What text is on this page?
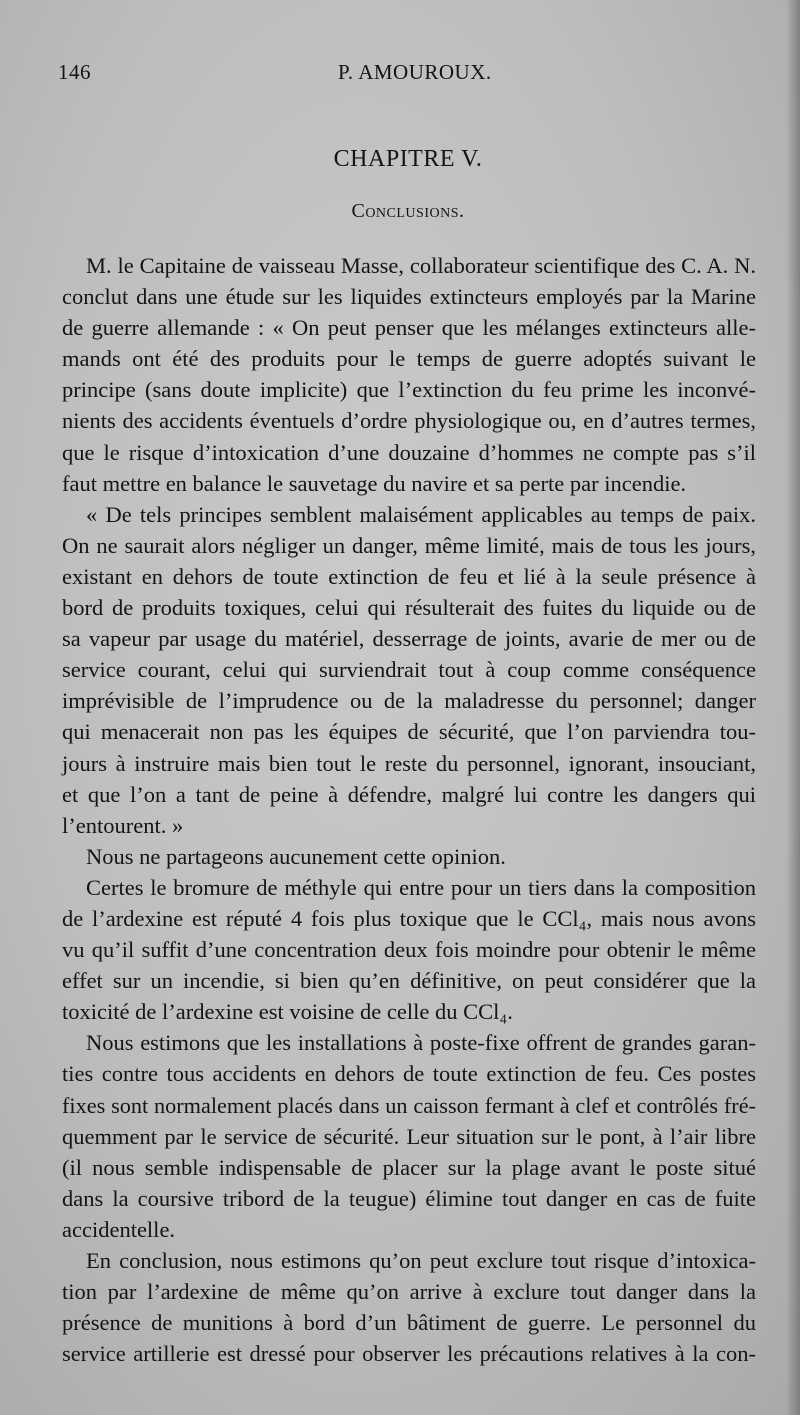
146	P. AMOUROUX.
CHAPITRE V.
Conclusions.
M. le Capitaine de vaisseau Masse, collaborateur scientifique des C. A. N.
conclut dans une étude sur les liquides extincteurs employés par la Marine
de guerre allemande : « On peut penser que les mélanges extincteurs alle-
mands ont été des produits pour le temps de guerre adoptés suivant le
principe (sans doute implicite) que l’extinction du feu prime les inconvé-
nients des accidents éventuels d’ordre physiologique ou, en d’autres termes,
que le risque d’intoxication d’une douzaine d’hommes ne compte pas s’il
faut mettre en balance le sauvetage du navire et sa perte par incendie.
« De tels principes semblent malaisément applicables au temps de paix.
On ne saurait alors négliger un danger, même limité, mais de tous les jours,
existant en dehors de toute extinction de feu et lié à la seule présence à
bord de produits toxiques, celui qui résulterait des fuites du liquide ou de
sa vapeur par usage du matériel, desserrage de joints, avarie de mer ou de
service courant, celui qui surviendrait tout à coup comme conséquence
imprévisible de l’imprudence ou de la maladresse du personnel; danger
qui menacerait non pas les équipes de sécurité, que l’on parviendra tou-
jours à instruire mais bien tout le reste du personnel, ignorant, insouciant,
et que l’on a tant de peine à défendre, malgré lui contre les dangers qui
l’entourent. »
Nous ne partageons aucunement cette opinion.
Certes le bromure de méthyle qui entre pour un tiers dans la composition
de l’ardexine est réputé 4 fois plus toxique que le CCl₄, mais nous avons
vu qu’il suffit d’une concentration deux fois moindre pour obtenir le même
effet sur un incendie, si bien qu’en définitive, on peut considérer que la
toxicité de l’ardexine est voisine de celle du CCl₄.
Nous estimons que les installations à poste-fixe offrent de grandes garan-
ties contre tous accidents en dehors de toute extinction de feu. Ces postes
fixes sont normalement placés dans un caisson fermant à clef et contrôlés fré-
quemment par le service de sécurité. Leur situation sur le pont, à l’air libre
(il nous semble indispensable de placer sur la plage avant le poste situé
dans la coursive tribord de la teugue) élimine tout danger en cas de fuite
accidentelle.
En conclusion, nous estimons qu’on peut exclure tout risque d’intoxica-
tion par l’ardexine de même qu’on arrive à exclure tout danger dans la
présence de munitions à bord d’un bâtiment de guerre. Le personnel du
service artillerie est dressé pour observer les précautions relatives à la con-
